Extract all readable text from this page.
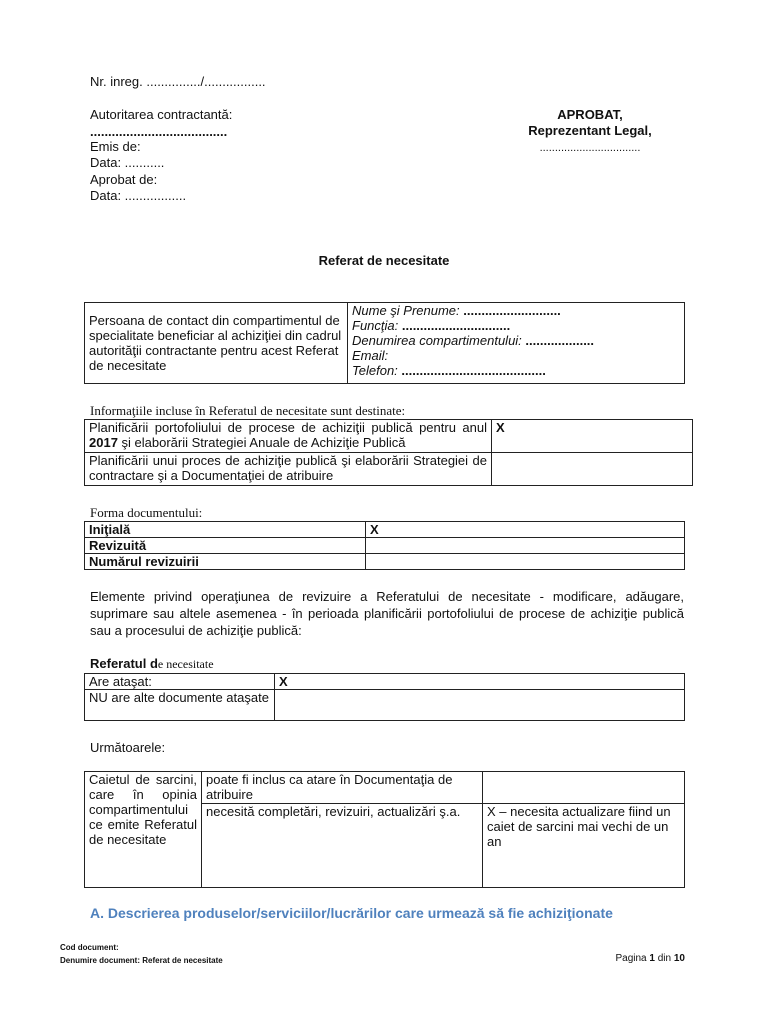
Nr. inreg. .............../.................
Autoritarea contractantă:
......................................
Emis de:
Data: ...........
Aprobat de:
Data: .................
APROBAT,
Reprezentant Legal,
.................................
Referat de necesitate
Persoana de contact din compartimentul de specialitate beneficiar al achiziţiei din cadrul autorităţii contractante pentru acest Referat de necesitate	
Nume şi Prenume: ...........................
Funcţia: ..............................
Denumirea compartimentului: ...................
Email:
Telefon: ........................................
Informaţiile incluse în Referatul de necesitate sunt destinate:
Planificării portofoliului de procese de achiziţii publică pentru anul 2017 şi elaborării Strategiei Anuale de Achiziţie Publică	X
Planificării unui proces de achiziţie publică şi elaborării Strategiei de contractare şi a Documentaţiei de atribuire	
Forma documentului:
Iniţială	X
Revizuită	
Numărul revizuirii	
Elemente privind operaţiunea de revizuire a Referatului de necesitate - modificare, adăugare, suprimare sau altele asemenea - în perioada planificării portofoliului de procese de achiziţie publică sau a procesului de achiziţie publică:
Referatul de necesitate
Are ataşat:	X
NU are alte documente ataşate	
Următoarele:
Caietul de sarcini, care în opinia compartimentului ce emite Referatul de necesitate	poate fi inclus ca atare în Documentaţia de atribuire	
	necesită completări, revizuiri, actualizări ş.a.	X – necesita actualizare fiind un caiet de sarcini mai vechi de un an
A. Descrierea produselor/serviciilor/lucrărilor care urmează să fie achiziţionate
Cod document:
Denumire document: Referat de necesitate	Pagina 1 din 10
